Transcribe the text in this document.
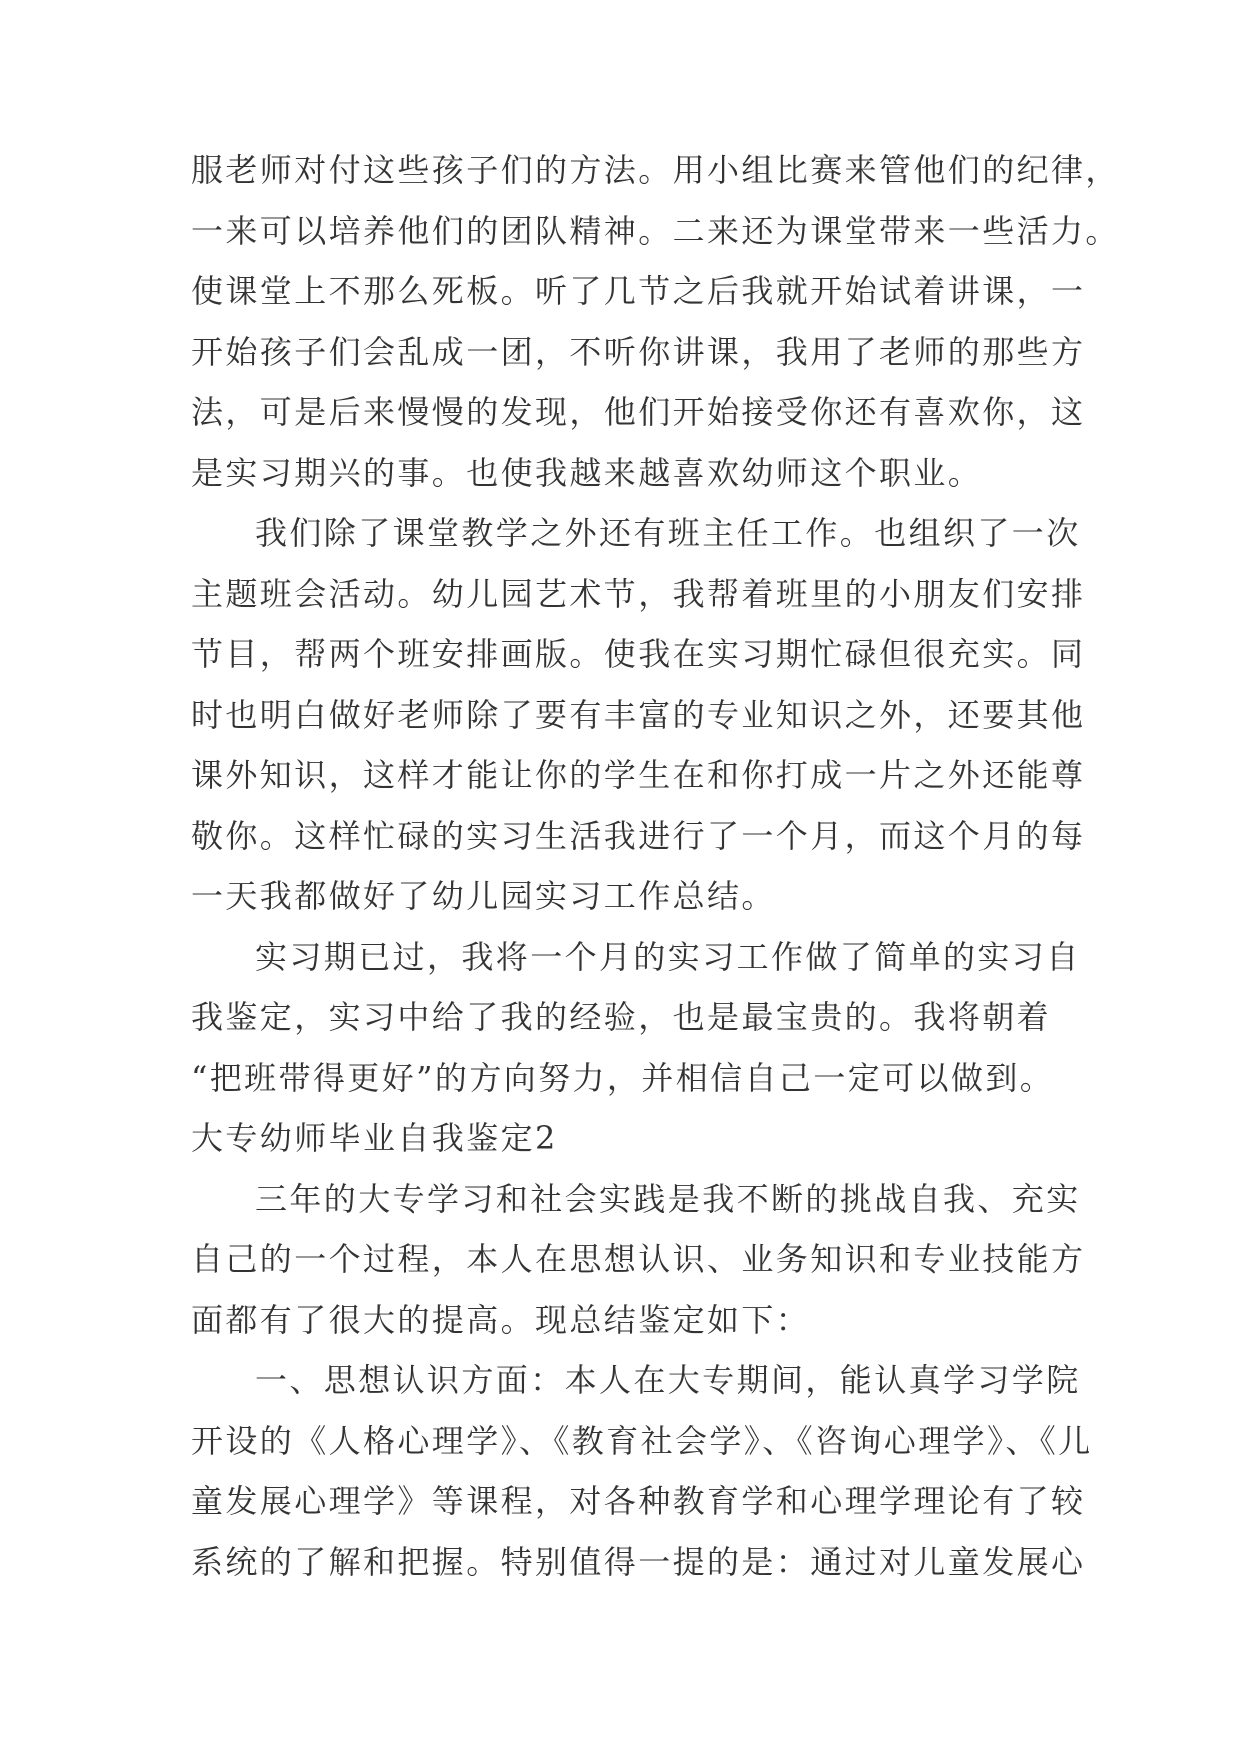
服老师对付这些孩子们的方法。用小组比赛来管他们的纪律，
一来可以培养他们的团队精神。二来还为课堂带来一些活力。
使课堂上不那么死板。听了几节之后我就开始试着讲课，一
开始孩子们会乱成一团，不听你讲课，我用了老师的那些方
法，可是后来慢慢的发现，他们开始接受你还有喜欢你，这
是实习期兴的事。也使我越来越喜欢幼师这个职业。
我们除了课堂教学之外还有班主任工作。也组织了一次
主题班会活动。幼儿园艺术节，我帮着班里的小朋友们安排
节目，帮两个班安排画版。使我在实习期忙碌但很充实。同
时也明白做好老师除了要有丰富的专业知识之外，还要其他
课外知识，这样才能让你的学生在和你打成一片之外还能尊
敬你。这样忙碌的实习生活我进行了一个月，而这个月的每
一天我都做好了幼儿园实习工作总结。
实习期已过，我将一个月的实习工作做了简单的实习自
我鉴定，实习中给了我的经验，也是最宝贵的。我将朝着
“把班带得更好”的方向努力，并相信自己一定可以做到。
大专幼师毕业自我鉴定2
三年的大专学习和社会实践是我不断的挑战自我、充实
自己的一个过程，本人在思想认识、业务知识和专业技能方
面都有了很大的提高。现总结鉴定如下：
一、思想认识方面：本人在大专期间，能认真学习学院
开设的《人格心理学》、《教育社会学》、《咨询心理学》、《儿
童发展心理学》等课程，对各种教育学和心理学理论有了较
系统的了解和把握。特别值得一提的是：通过对儿童发展心
